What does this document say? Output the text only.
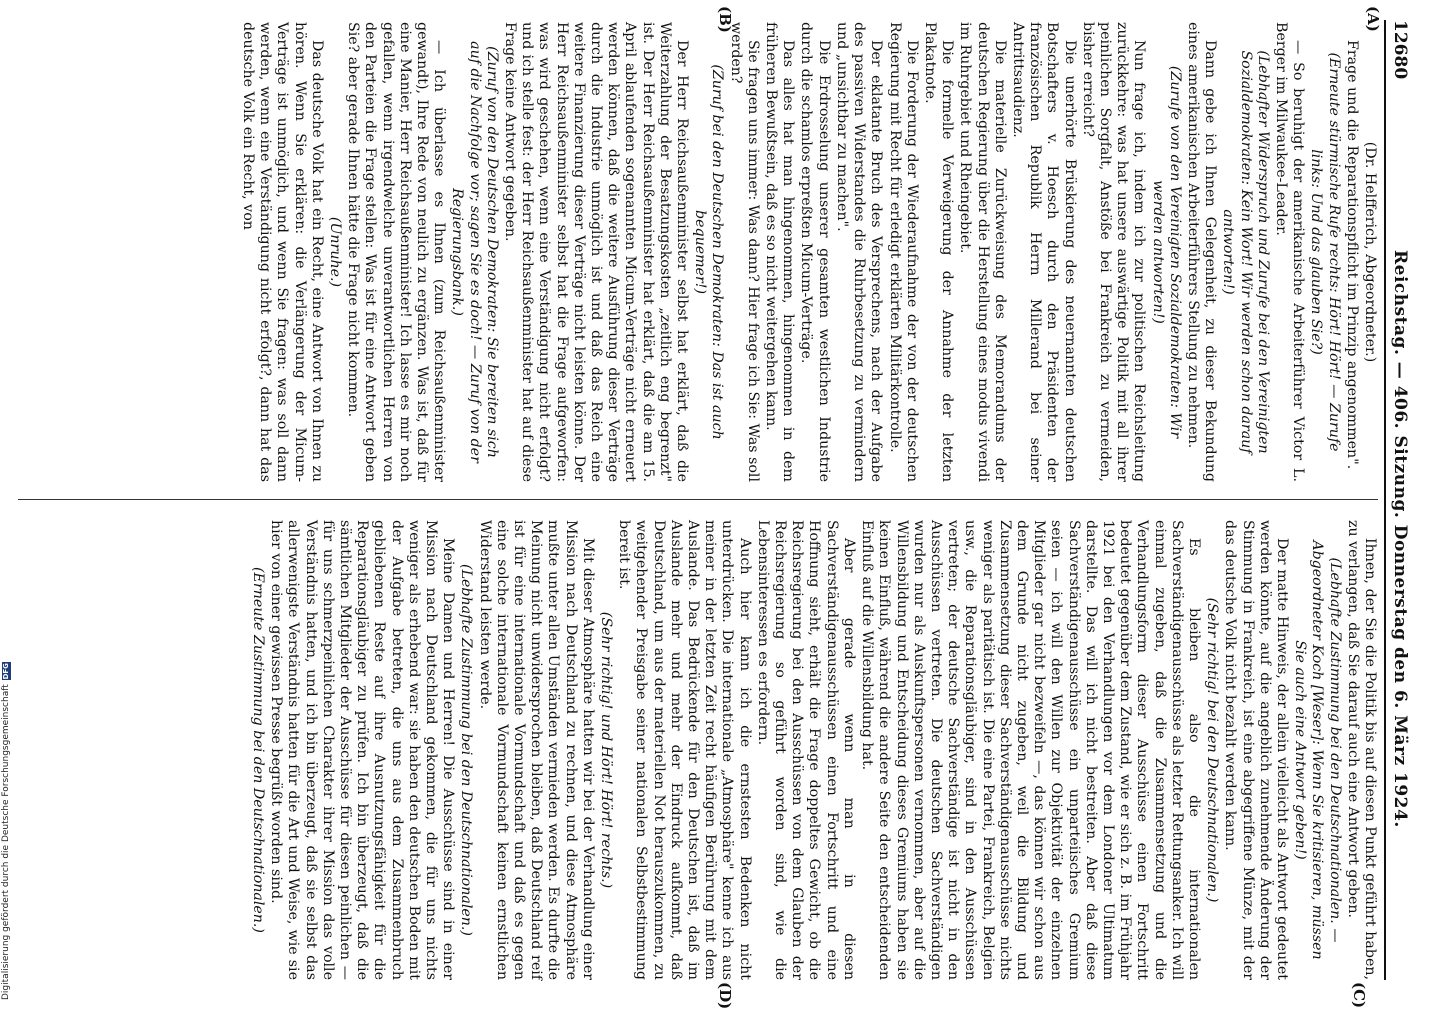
12680
Reichstag. — 406. Sitzung. Donnerstag den 6. März 1924.
(A)
(B)
(C)
(D)

(Dr. Helfferich, Abgeordneter.)

Frage und die Reparationspflicht im Prinzip angenommen".

(Erneute stürmische Rufe rechts: Hört! Hört! — Zurufe links: Und das glauben Sie?)

— So beruhigt der amerikanische Arbeiterführer Victor L. Berger im Milwaukee-Leader.

(Lebhafter Widerspruch und Zurufe bei den Vereinigten Sozialdemokraten: Kein Wort! Wir werden schon darauf antworten!)

Dann gebe ich Ihnen Gelegenheit, zu dieser Bekundung eines amerikanischen Arbeiterführers Stellung zu nehmen.

(Zurufe von den Vereinigten Sozialdemokraten: Wir werden antworten!)

Nun frage ich, indem ich zur politischen Reichsleitung zurückkehre: was hat unsere auswärtige Politik mit all ihrer peinlichen Sorgfalt, Anstöße bei Frankreich zu vermeiden, bisher erreicht?

Die unerhörte Brüskierung des neuernannten deutschen Botschafters v. Hoesch durch den Präsidenten der französischen Republik Herrn Millerand bei seiner Antrittsaudienz.

Die materielle Zurückweisung des Memorandums der deutschen Regierung über die Herstellung eines modus vivendi im Ruhrgebiet und Rheingebiet.

Die formelle Verweigerung der Annahme der letzten Plakatnote.

Die Forderung der Wiederaufnahme der von der deutschen Regierung mit Recht für erledigt erklärten Militärkontrolle.

Der eklatante Bruch des Versprechens, nach der Aufgabe des passiven Widerstandes die Ruhrbesetzung zu vermindern und „unsichtbar zu machen".

Die Erdrosselung unserer gesamten westlichen Industrie durch die schamlos erpreßten Micum-Verträge.

Das alles hat man hingenommen, hingenommen in dem früheren Bewußtsein, daß es so nicht weitergehen kann.

Sie fragen uns immer: Was dann? Hier frage ich Sie: Was soll werden?

(Zuruf bei den Deutschen Demokraten: Das ist auch bequemer!)

Der Herr Reichsaußenminister selbst hat erklärt, daß die Weiterzahlung der Besatzungskosten „zeitlich eng begrenzt" ist. Der Herr Reichsaußenminister hat erklärt, daß die am 15. April ablaufenden sogenannten Micum-Verträge nicht erneuert werden können, daß die weitere Ausführung dieser Verträge durch die Industrie unmöglich ist und daß das Reich eine weitere Finanzierung dieser Verträge nicht leisten könne. Der Herr Reichsaußenminister selbst hat die Frage aufgeworfen: was wird geschehen, wenn eine Verständigung nicht erfolgt? und ich stelle fest: der Herr Reichsaußenminister hat auf diese Frage keine Antwort gegeben.

(Zuruf von den Deutschen Demokraten: Sie bereiten sich auf die Nachfolge vor; sagen Sie es doch! — Zuruf von der Regierungsbank.)

— Ich überlasse es Ihnen (zum Reichsaußenminister gewandt), Ihre Rede von neulich zu ergänzen. Was ist, daß für eine Manier, Herr Reichsaußenminister! Ich lasse es mir noch gefallen, wenn irgendwelche unverantwortlichen Herren von den Parteien die Frage stellen: Was ist für eine Antwort geben Sie? aber gerade Ihnen hätte die Frage nicht kommen.

(Unruhe.)

Das deutsche Volk hat ein Recht, eine Antwort von Ihnen zu hören. Wenn Sie erklären: die Verlängerung der Micum-Verträge ist unmöglich, und wenn Sie fragen: was soll dann werden, wenn eine Verständigung nicht erfolgt?, dann hat das deutsche Volk ein Recht, von

Ihnen, der Sie die Politik bis auf diesen Punkt geführt haben, zu verlangen, daß Sie darauf auch eine Antwort geben.

(Lebhafte Zustimmung bei den Deutschnationalen. — Abgeordneter Koch [Weser]: Wenn Sie kritisieren, müssen Sie auch eine Antwort geben!)

Der matte Hinweis, der allein vielleicht als Antwort gedeutet werden könnte, auf die angeblich zunehmende Änderung der Stimmung in Frankreich, ist eine abgegriffene Münze, mit der das deutsche Volk nicht bezahlt werden kann.

(Sehr richtig! bei den Deutschnationalen.)

Es bleiben also die internationalen Sachverständigenausschüsse als letzter Rettungsanker. Ich will einmal zugeben, daß die Zusammensetzung und die Verhandlungsform dieser Ausschüsse einen Fortschritt bedeutet gegenüber dem Zustand, wie er sich z. B. im Frühjahr 1921 bei den Verhandlungen vor dem Londoner Ultimatum darstellte. Das will ich nicht bestreiten. Aber daß diese Sachverständigenausschüsse ein unparteiisches Gremium seien — ich will den Willen zur Objektivität der einzelnen Mitglieder gar nicht bezweifeln —, das können wir schon aus dem Grunde nicht zugeben, weil die Bildung und Zusammensetzung dieser Sachverständigenausschüsse nichts weniger als paritätisch ist. Die eine Partei, Frankreich, Belgien usw., die Reparationsgläubiger, sind in den Ausschüssen vertreten; der deutsche Sachverständige ist nicht in den Ausschüssen vertreten. Die deutschen Sachverständigen wurden nur als Auskunftspersonen vernommen, aber auf die Willensbildung und Entscheidung dieses Gremiums haben sie keinen Einfluß, während die andere Seite den entscheidenden Einfluß auf die Willensbildung hat.

Aber gerade wenn man in diesen Sachverständigenausschüssen einen Fortschritt und eine Hoffnung sieht, erhält die Frage doppeltes Gewicht, ob die Reichsregierung bei den Ausschüssen von dem Glauben der Reichsregierung so geführt worden sind, wie die Lebensinteressen es erfordern.

Auch hier kann ich die ernstesten Bedenken nicht unterdrücken. Die internationale „Atmosphäre" kenne ich aus meiner in der letzten Zeit recht häufigen Berührung mit dem Auslande. Das Bedrückende für den Deutschen ist, daß im Auslande mehr und mehr der Eindruck aufkommt, daß Deutschland, um aus der materiellen Not herauszukommen, zu weitgehender Preisgabe seiner nationalen Selbstbestimmung bereit ist.

(Sehr richtig! und Hört! Hört! rechts.)

Mit dieser Atmosphäre hatten wir bei der Verhandlung einer Mission nach Deutschland zu rechnen, und diese Atmosphäre mußte unter allen Umständen vermieden werden. Es durfte die Meinung nicht unwidersprochen bleiben, daß Deutschland reif ist für eine internationale Vormundschaft und daß es gegen eine solche internationale Vormundschaft keinen ernstlichen Widerstand leisten werde.

(Lebhafte Zustimmung bei den Deutschnationalen.)

Meine Damen und Herren! Die Ausschüsse sind in einer Mission nach Deutschland gekommen, die für uns nichts weniger als erhebend war: sie haben den deutschen Boden mit der Aufgabe betreten, die uns aus dem Zusammenbruch gebliebenen Reste auf ihre Ausnutzungsfähigkeit für die Reparationsgläubiger zu prüfen. Ich bin überzeugt, daß die sämtlichen Mitglieder der Ausschüsse für diesen peinlichen — für uns schmerzpeinlichen Charakter ihrer Mission das volle Verständnis hatten, und ich bin überzeugt, daß sie selbst das allerwenigste Verständnis hatten für die Art und Weise, wie sie hier von einer gewissen Presse begrüßt worden sind.

(Erneute Zustimmung bei den Deutschnationalen.)

Digitalisierung gefördert durch die Deutsche Forschungsgemeinschaft
DFG
